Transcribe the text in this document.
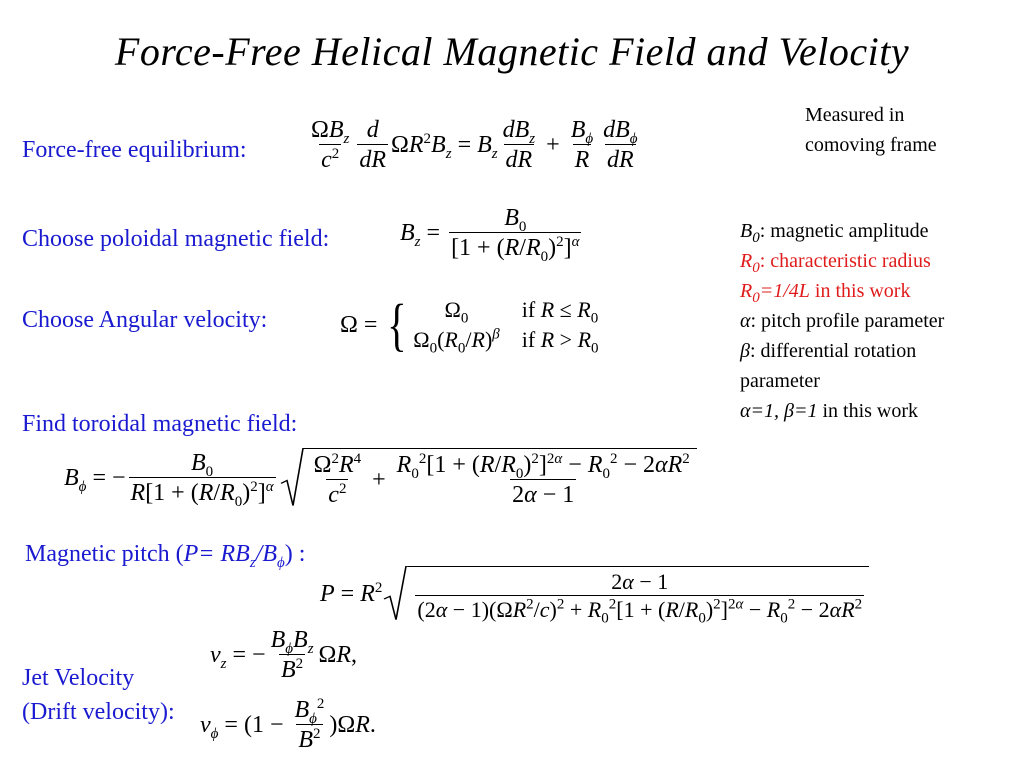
Force-Free Helical Magnetic Field and Velocity
Measured in
comoving frame
Force-free equilibrium:	$\frac{\Omega B_z}{c^2} \frac{d}{dR} \Omega R^2B_z = B_z \frac{dB_z}{dR} + \frac{B_\phi}{R} \frac{dB_\phi}{dR}$
Choose poloidal magnetic field:	$B_z = \frac{B_0}{[1 + (R/R_0)^2]^\alpha}$	$B_0$: magnetic amplitude
$R_0$: characteristic radius
$R_0=1/4L$ in this work
α: pitch profile parameter
β: differential rotation
parameter
α=1, β=1 in this work
Choose Angular velocity:	Ω = {	$\Omega_0$	if $R \le R_0$
$\Omega_0(R_0/R)^\beta$ if $R > R_0$
Find toroidal magnetic field:
$B_\phi$ = − $\frac{B_0}{R[1 + (R/R_0)^2]^\alpha} \frac{\Omega^2R^4}{c^2} + \frac{R_0^2[1 + (R/R_0)^2]^{2\alpha} - R_0^2 - 2\alpha R^2}{2\alpha - 1}$
Magnetic pitch $(P= RB_z/B_\phi)$ :
$P = R^2 \frac{2\alpha - 1}{(2\alpha - 1)(\Omega R^2/c)^2 + R_0^2[1 + (R/R_0)^2]^{2\alpha} - R_0^2 - 2\alpha R^2}$
Jet Velocity
(Drift velocity):
$v_z$ = − $\frac{B_\phi B_z}{B^2} \Omega R$,
$v_\phi = (1 - \frac{B_\phi^2}{B^2} )\Omega R$.
